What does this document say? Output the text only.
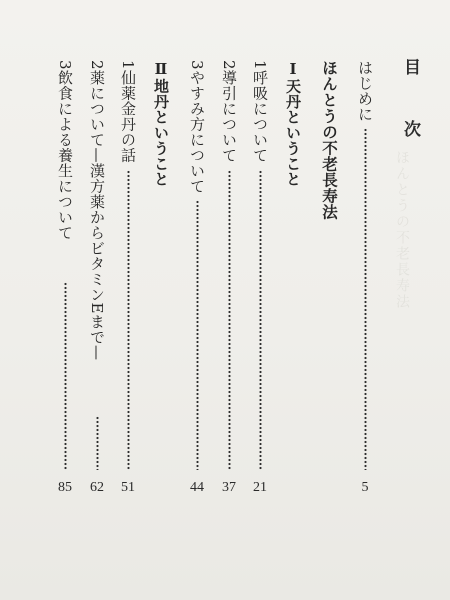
ほんとうの不老長寿法
目　次
はじめに
5
ほんとうの不老長寿法
Ⅰ天丹ということ
1呼吸について
21
2導引について
37
3やすみ方について
44
Ⅱ地丹ということ
1仙薬金丹の話
51
2薬について—漢方薬からビタミンEまで—
62
3飲食による養生について
85
